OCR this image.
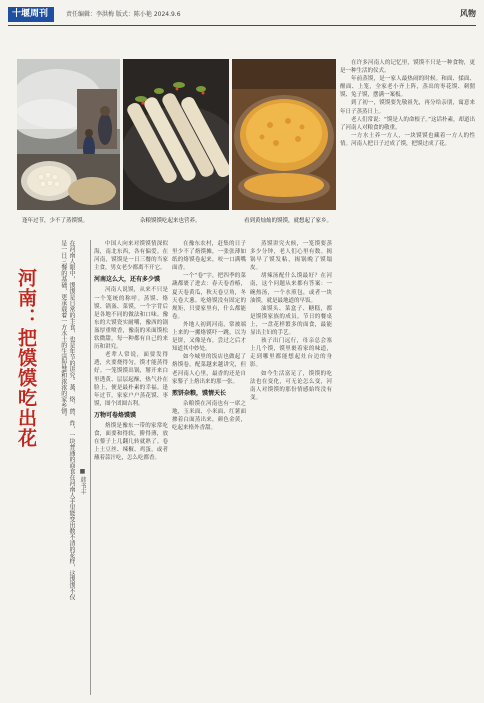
十堰周刊	责任编辑：李洪梅 版式：陈小艳 2024.9.6	风物
逢年过节，少不了蒸馍馍。	杂粮馍馍吃起来也营养。	看到黄灿灿的馍馍，就想起了家乡。
河南：把馍馍吃出花	在河南人眼中，馍馍是日常的主食，也是年节的讲究。蒸、烙、煎、炸，一块普通的面食在河南人手里能变出数不清的花样，这馍馍不仅是一日三餐的基础，更承载着一方水土的生活智慧和浓浓的家乡情。
■ 韩书丰

中国人向来对馍馍情深似海，南北东西，各有偏爱。在河南，馍馍是一日三餐的当家主食，男女老少都离不开它。

河南这么大，还有多少馍

河南人说馍，从来不只是一个笼统的称呼。蒸馍、烙馍、锅盔、菜馍，一个字背后是各地不同的做法和口味。豫东的大馍瓷实耐嚼，豫西的锅盔厚重喷香，豫南的米面馍松软微甜，每一种都有自己的来历和讲究。

老辈人常说，面要发得透，火要烧得匀，馍才能蒸得好。一笼馍馍出锅，掰开来白里透黄、层层起酥，热气扑在脸上，便是最朴素的幸福。逢年过节，家家户户蒸花馍、枣馍，图个团圆吉利。

万物可卷烙馍馍

烙馍是豫东一带的家常吃食，面要和得软，擀得薄，放在鏊子上几翻几转就熟了。卷上土豆丝、辣椒、鸡蛋，或者蘸着蒜汁吃，怎么吃都香。

在豫东农村，赶集的日子里少不了烙馍摊，一张张薄如纸的烙馍卷起来，咬一口满嘴面香。

一个“卷”字，把四季的菜蔬都裹了进去：春天卷香椿，夏天卷黄瓜，秋天卷豆角，冬天卷大葱。吃烙馍没有固定的规矩，只要家里有，什么都能卷。

外地人初到河南，常被端上来的一摞烙馍吓一跳，以为是饼，又像是布，尝过之后才知道其中妙处。

如今城里的饭店也做起了烙馍卷，配菜越来越讲究，但老河南人心里，最香的还是自家鏊子上烙出来的那一张。

煎饼杂粮，馍情天长

杂粮馍在河南也有一席之地，玉米面、小米面、红薯面掺着白面蒸出来，颜色金黄，吃起来格外香甜。

蒸馍讲究火候，一笼馍要蒸多少分钟，老人们心里有数。揭锅早了馍发粘，揭锅晚了馍塌皮。

胡辣汤配什么馍最好？在河南，这个问题从来都有答案：一碗热汤，一个水煎包，或者一块油馍，就是最地道的早饭。

油馍头、菜盒子、糖糕，都是馍馍家族的成员。节日的餐桌上，一盘花样繁多的面食，最能显出主妇的手艺。

孩子出门远行，母亲总会塞上几个馍，馍里裹着家的味道，走到哪里都能想起灶台边的身影。

如今生活富足了，馍馍的吃法也在变化，可无论怎么变，河南人对馍馍的那份情感始终没有变。

在许多河南人的记忆里，馍馍不只是一种食物，更是一种生活的仪式。

年前蒸馍，是一家人最热闹的时候。和面、揉面、醒面、上笼，全家老小齐上阵，蒸出的枣花馍、刺猬馍、兔子馍，摆满一案板。

到了初一，馍馍要先敬祖先，再分给亲朋，寓意来年日子蒸蒸日上。

老人们常说：“馍是人的命根子。”这话朴素，却道出了河南人对粮食的敬重。

一方水土养一方人，一块馍馍也藏着一方人的性情。河南人把日子过成了馍，把馍过成了花。
